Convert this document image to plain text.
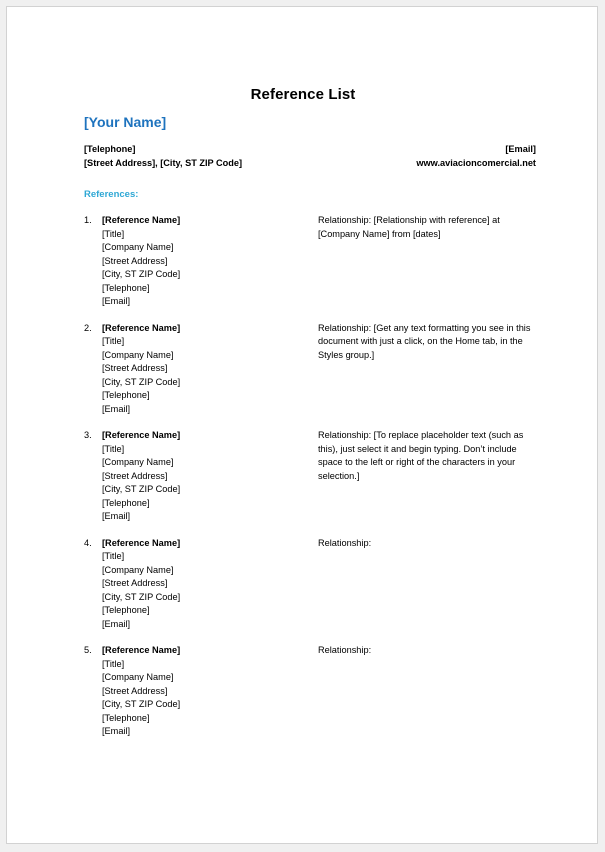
Reference List
[Your Name]
[Telephone]
[Street Address], [City, ST ZIP Code]
[Email]
www.aviacioncomercial.net
References:
1. [Reference Name]
[Title]
[Company Name]
[Street Address]
[City, ST ZIP Code]
[Telephone]
[Email]
Relationship: [Relationship with reference] at [Company Name] from [dates]
2. [Reference Name]
[Title]
[Company Name]
[Street Address]
[City, ST ZIP Code]
[Telephone]
[Email]
Relationship: [Get any text formatting you see in this document with just a click, on the Home tab, in the Styles group.]
3. [Reference Name]
[Title]
[Company Name]
[Street Address]
[City, ST ZIP Code]
[Telephone]
[Email]
Relationship: [To replace placeholder text (such as this), just select it and begin typing. Don’t include space to the left or right of the characters in your selection.]
4. [Reference Name]
[Title]
[Company Name]
[Street Address]
[City, ST ZIP Code]
[Telephone]
[Email]
Relationship:
5. [Reference Name]
[Title]
[Company Name]
[Street Address]
[City, ST ZIP Code]
[Telephone]
[Email]
Relationship:
